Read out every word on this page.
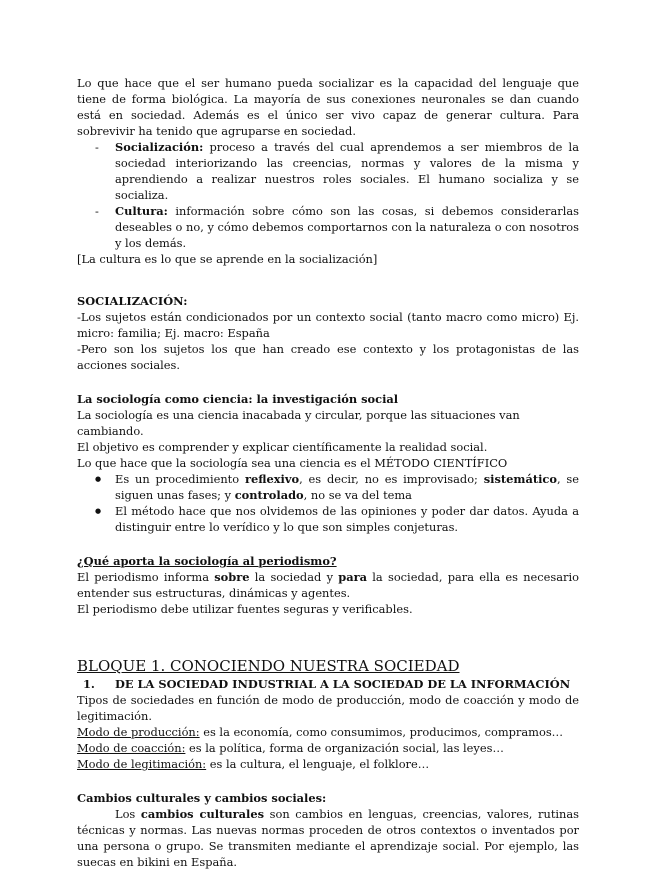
Lo que hace que el ser humano pueda socializar es la capacidad del lenguaje que tiene de forma biológica. La mayoría de sus conexiones neuronales se dan cuando está en sociedad. Además es el único ser vivo capaz de generar cultura. Para sobrevivir ha tenido que agruparse en sociedad.

- Socialización: proceso a través del cual aprendemos a ser miembros de la sociedad interiorizando las creencias, normas y valores de la misma y aprendiendo a realizar nuestros roles sociales. El humano socializa y se socializa.
- Cultura: información sobre cómo son las cosas, si debemos considerarlas deseables o no, y cómo debemos comportarnos con la naturaleza o con nosotros y los demás.

[La cultura es lo que se aprende en la socialización]

SOCIALIZACIÓN:

-Los sujetos están condicionados por un contexto social (tanto macro como micro) Ej. micro: familia; Ej. macro: España

-Pero son los sujetos los que han creado ese contexto y los protagonistas de las acciones sociales.

La sociología como ciencia: la investigación social

La sociología es una ciencia inacabada y circular, porque las situaciones van cambiando.

El objetivo es comprender y explicar científicamente la realidad social.

Lo que hace que la sociología sea una ciencia es el MÉTODO CIENTÍFICO

● Es un procedimiento reflexivo, es decir, no es improvisado; sistemático, se siguen unas fases; y controlado, no se va del tema
● El método hace que nos olvidemos de las opiniones y poder dar datos. Ayuda a distinguir entre lo verídico y lo que son simples conjeturas.

¿Qué aporta la sociología al periodismo?

El periodismo informa sobre la sociedad y para la sociedad, para ella es necesario entender sus estructuras, dinámicas y agentes.

El periodismo debe utilizar fuentes seguras y verificables.

BLOQUE 1. CONOCIENDO NUESTRA SOCIEDAD

1. DE LA SOCIEDAD INDUSTRIAL A LA SOCIEDAD DE LA INFORMACIÓN

Tipos de sociedades en función de modo de producción, modo de coacción y modo de legitimación.

Modo de producción: es la economía, como consumimos, producimos, compramos…

Modo de coacción: es la política, forma de organización social, las leyes…

Modo de legitimación: es la cultura, el lenguaje, el folklore…

Cambios culturales y cambios sociales:

Los cambios culturales son cambios en lenguas, creencias, valores, rutinas técnicas y normas. Las nuevas normas proceden de otros contextos o inventados por una persona o grupo. Se transmiten mediante el aprendizaje social. Por ejemplo, las suecas en bikini en España.
